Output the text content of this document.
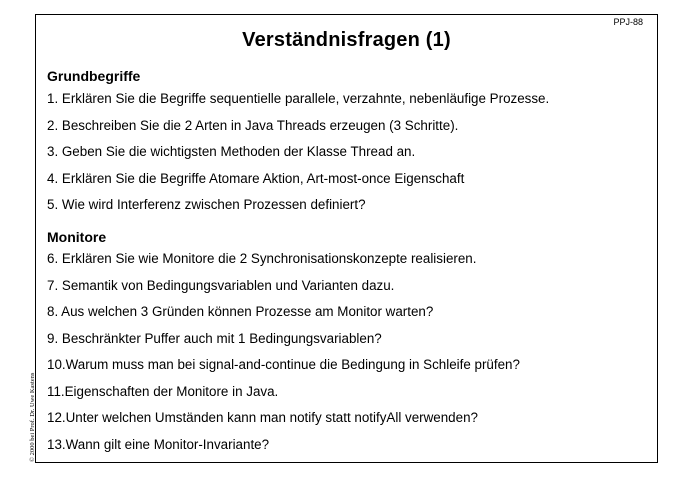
© 2000 bei Prof. Dr. Uwe Kastens
PPJ-88
Verständnisfragen (1)
Grundbegriffe
1. Erklären Sie die Begriffe sequentielle parallele, verzahnte, nebenläufige Prozesse.
2. Beschreiben Sie die 2 Arten in Java Threads erzeugen (3 Schritte).
3. Geben Sie die wichtigsten Methoden der Klasse Thread an.
4. Erklären Sie die Begriffe Atomare Aktion, Art-most-once Eigenschaft
5. Wie wird Interferenz zwischen Prozessen definiert?
Monitore
6. Erklären Sie wie Monitore die 2 Synchronisationskonzepte realisieren.
7. Semantik von Bedingungsvariablen und Varianten dazu.
8. Aus welchen 3 Gründen können Prozesse am Monitor warten?
9. Beschränkter Puffer auch mit 1 Bedingungsvariablen?
10.Warum muss man bei signal-and-continue die Bedingung in Schleife prüfen?
11.Eigenschaften der Monitore in Java.
12.Unter welchen Umständen kann man notify statt notifyAll verwenden?
13.Wann gilt eine Monitor-Invariante?
